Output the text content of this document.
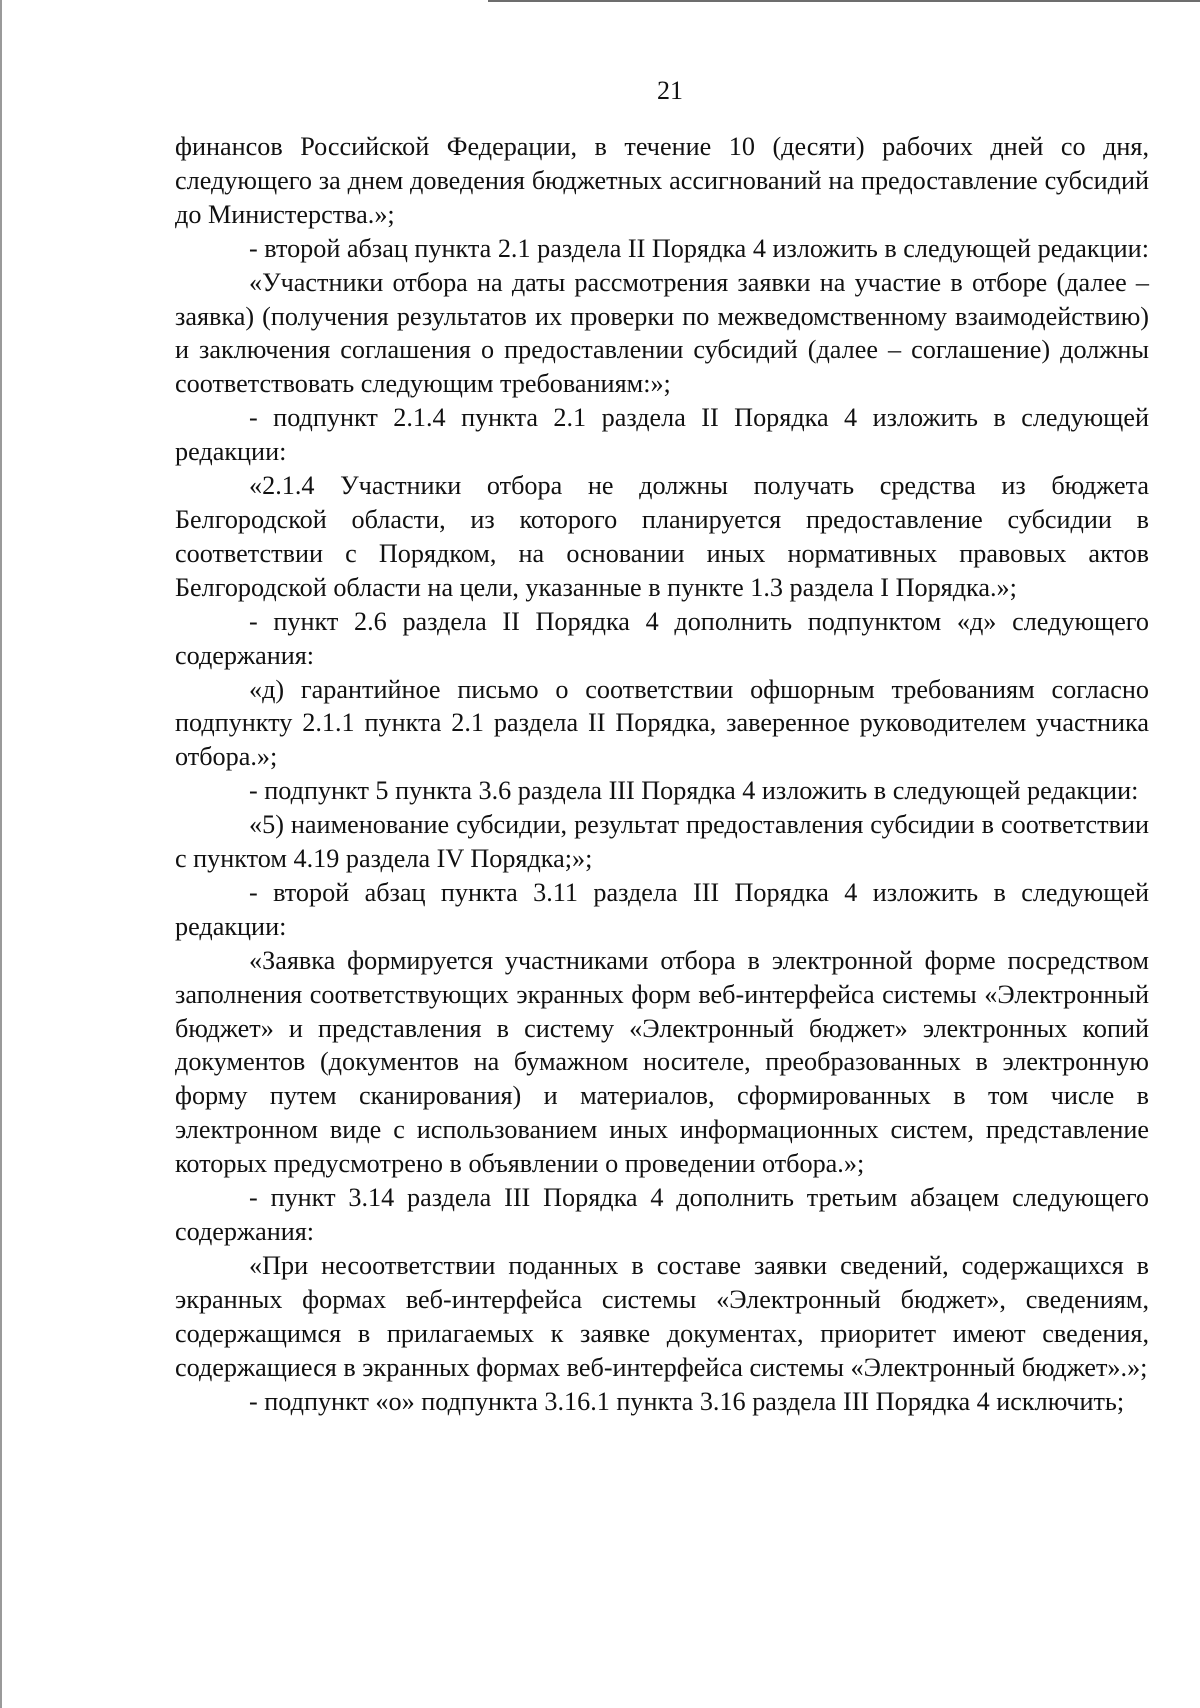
21

финансов Российской Федерации, в течение 10 (десяти) рабочих дней со дня, следующего за днем доведения бюджетных ассигнований на предоставление субсидий до Министерства.»;

- второй абзац пункта 2.1 раздела II Порядка 4 изложить в следующей редакции:

«Участники отбора на даты рассмотрения заявки на участие в отборе (далее – заявка) (получения результатов их проверки по межведомственному взаимодействию) и заключения соглашения о предоставлении субсидий (далее – соглашение) должны соответствовать следующим требованиям:»;

- подпункт 2.1.4 пункта 2.1 раздела II Порядка 4 изложить в следующей редакции:

«2.1.4 Участники отбора не должны получать средства из бюджета Белгородской области, из которого планируется предоставление субсидии в соответствии с Порядком, на основании иных нормативных правовых актов Белгородской области на цели, указанные в пункте 1.3 раздела I Порядка.»;

- пункт 2.6 раздела II Порядка 4 дополнить подпунктом «д» следующего содержания:

«д) гарантийное письмо о соответствии офшорным требованиям согласно подпункту 2.1.1 пункта 2.1 раздела II Порядка, заверенное руководителем участника отбора.»;

- подпункт 5 пункта 3.6 раздела III Порядка 4 изложить в следующей редакции:

«5) наименование субсидии, результат предоставления субсидии в соответствии с пунктом 4.19 раздела IV Порядка;»;

- второй абзац пункта 3.11 раздела III Порядка 4 изложить в следующей редакции:

«Заявка формируется участниками отбора в электронной форме посредством заполнения соответствующих экранных форм веб-интерфейса системы «Электронный бюджет» и представления в систему «Электронный бюджет» электронных копий документов (документов на бумажном носителе, преобразованных в электронную форму путем сканирования) и материалов, сформированных в том числе в электронном виде с использованием иных информационных систем, представление которых предусмотрено в объявлении о проведении отбора.»;

- пункт 3.14 раздела III Порядка 4 дополнить третьим абзацем следующего содержания:

«При несоответствии поданных в составе заявки сведений, содержащихся в экранных формах веб-интерфейса системы «Электронный бюджет», сведениям, содержащимся в прилагаемых к заявке документах, приоритет имеют сведения, содержащиеся в экранных формах веб-интерфейса системы «Электронный бюджет».»;

- подпункт «о» подпункта 3.16.1 пункта 3.16 раздела III Порядка 4 исключить;
